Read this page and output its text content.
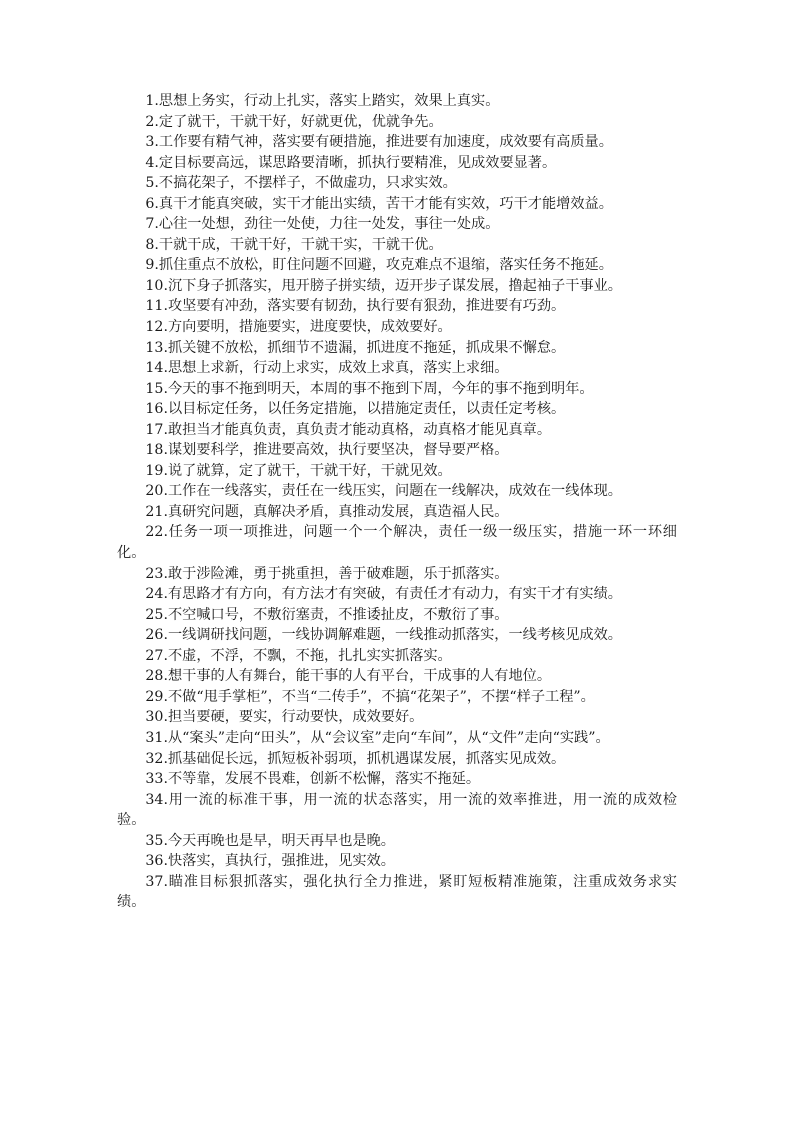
1.思想上务实，行动上扎实，落实上踏实，效果上真实。

2.定了就干，干就干好，好就更优，优就争先。

3.工作要有精气神，落实要有硬措施，推进要有加速度，成效要有高质量。

4.定目标要高远，谋思路要清晰，抓执行要精准，见成效要显著。

5.不搞花架子，不摆样子，不做虚功，只求实效。

6.真干才能真突破，实干才能出实绩，苦干才能有实效，巧干才能增效益。

7.心往一处想，劲往一处使，力往一处发，事往一处成。

8.干就干成，干就干好，干就干实，干就干优。

9.抓住重点不放松，盯住问题不回避，攻克难点不退缩，落实任务不拖延。

10.沉下身子抓落实，甩开膀子拼实绩，迈开步子谋发展，撸起袖子干事业。

11.攻坚要有冲劲，落实要有韧劲，执行要有狠劲，推进要有巧劲。

12.方向要明，措施要实，进度要快，成效要好。

13.抓关键不放松，抓细节不遗漏，抓进度不拖延，抓成果不懈怠。

14.思想上求新，行动上求实，成效上求真，落实上求细。

15.今天的事不拖到明天，本周的事不拖到下周，今年的事不拖到明年。

16.以目标定任务，以任务定措施，以措施定责任，以责任定考核。

17.敢担当才能真负责，真负责才能动真格，动真格才能见真章。

18.谋划要科学，推进要高效，执行要坚决，督导要严格。

19.说了就算，定了就干，干就干好，干就见效。

20.工作在一线落实，责任在一线压实，问题在一线解决，成效在一线体现。

21.真研究问题，真解决矛盾，真推动发展，真造福人民。

22.任务一项一项推进，问题一个一个解决，责任一级一级压实，措施一环一环细化。

23.敢于涉险滩，勇于挑重担，善于破难题，乐于抓落实。

24.有思路才有方向，有方法才有突破，有责任才有动力，有实干才有实绩。

25.不空喊口号，不敷衍塞责，不推诿扯皮，不敷衍了事。

26.一线调研找问题，一线协调解难题，一线推动抓落实，一线考核见成效。

27.不虚，不浮，不飘，不拖，扎扎实实抓落实。

28.想干事的人有舞台，能干事的人有平台，干成事的人有地位。

29.不做“甩手掌柜”，不当“二传手”，不搞“花架子”，不摆“样子工程”。

30.担当要硬，要实，行动要快，成效要好。

31.从“案头”走向“田头”，从“会议室”走向“车间”，从“文件”走向“实践”。

32.抓基础促长远，抓短板补弱项，抓机遇谋发展，抓落实见成效。

33.不等靠，发展不畏难，创新不松懈，落实不拖延。

34.用一流的标准干事，用一流的状态落实，用一流的效率推进，用一流的成效检验。

35.今天再晚也是早，明天再早也是晚。

36.快落实，真执行，强推进，见实效。

37.瞄准目标狠抓落实，强化执行全力推进，紧盯短板精准施策，注重成效务求实绩。
